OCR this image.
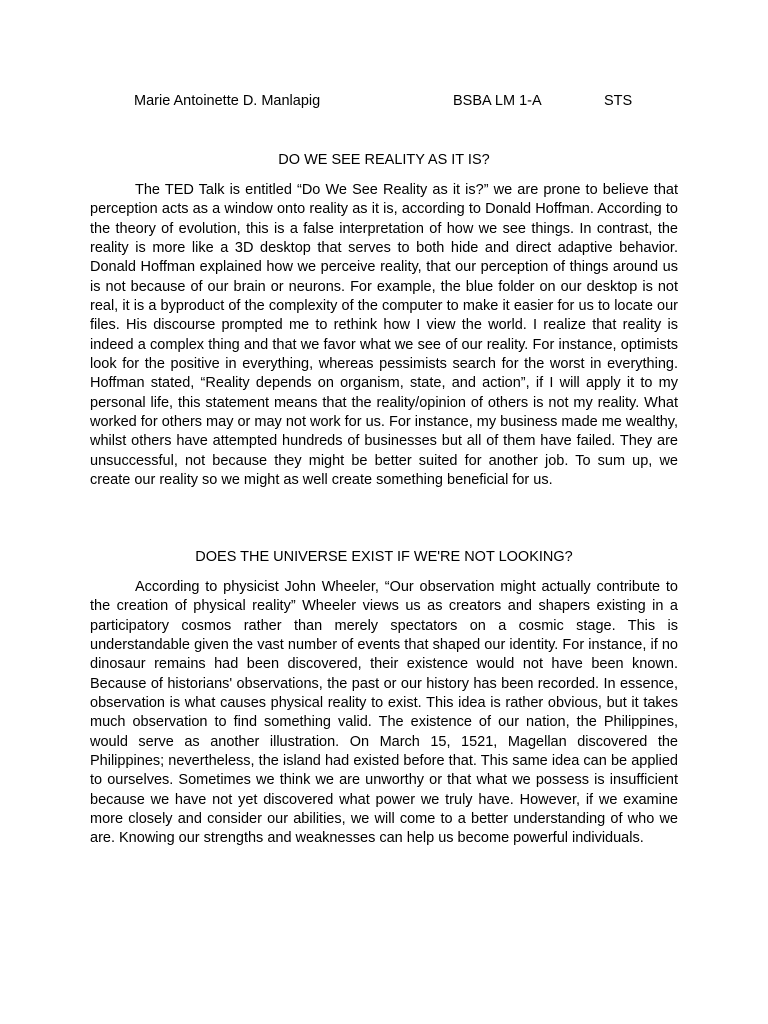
Marie Antoinette D. Manlapig	BSBA LM 1-A	STS
DO WE SEE REALITY AS IT IS?

The TED Talk is entitled “Do We See Reality as it is?” we are prone to believe that perception acts as a window onto reality as it is, according to Donald Hoffman. According to the theory of evolution, this is a false interpretation of how we see things. In contrast, the reality is more like a 3D desktop that serves to both hide and direct adaptive behavior. Donald Hoffman explained how we perceive reality, that our perception of things around us is not because of our brain or neurons. For example, the blue folder on our desktop is not real, it is a byproduct of the complexity of the computer to make it easier for us to locate our files. His discourse prompted me to rethink how I view the world. I realize that reality is indeed a complex thing and that we favor what we see of our reality. For instance, optimists look for the positive in everything, whereas pessimists search for the worst in everything. Hoffman stated, “Reality depends on organism, state, and action”, if I will apply it to my personal life, this statement means that the reality/opinion of others is not my reality. What worked for others may or may not work for us. For instance, my business made me wealthy, whilst others have attempted hundreds of businesses but all of them have failed. They are unsuccessful, not because they might be better suited for another job. To sum up, we create our reality so we might as well create something beneficial for us.

DOES THE UNIVERSE EXIST IF WE'RE NOT LOOKING?

According to physicist John Wheeler, “Our observation might actually contribute to the creation of physical reality” Wheeler views us as creators and shapers existing in a participatory cosmos rather than merely spectators on a cosmic stage. This is understandable given the vast number of events that shaped our identity. For instance, if no dinosaur remains had been discovered, their existence would not have been known. Because of historians' observations, the past or our history has been recorded. In essence, observation is what causes physical reality to exist. This idea is rather obvious, but it takes much observation to find something valid. The existence of our nation, the Philippines, would serve as another illustration. On March 15, 1521, Magellan discovered the Philippines; nevertheless, the island had existed before that. This same idea can be applied to ourselves. Sometimes we think we are unworthy or that what we possess is insufficient because we have not yet discovered what power we truly have. However, if we examine more closely and consider our abilities, we will come to a better understanding of who we are. Knowing our strengths and weaknesses can help us become powerful individuals.
